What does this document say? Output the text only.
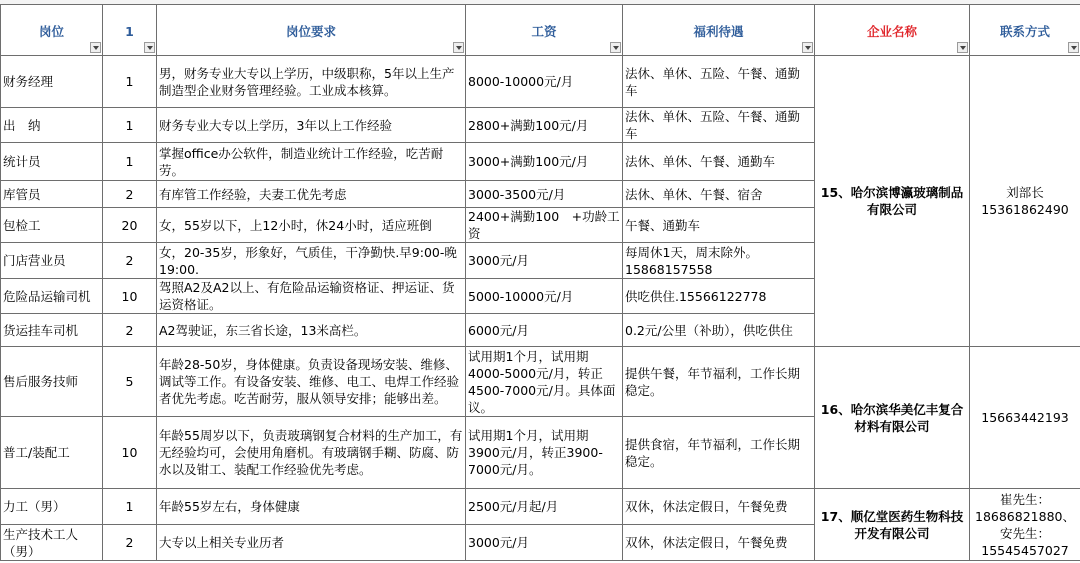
岗位	1	岗位要求	工资	福利待遇	企业名称	联系方式

财务经理	1	男，财务专业大专以上学历，中级职称，5年以上生产制造型企业财务管理经验。工业成本核算。	8000-10000元/月	法休、单休、五险、午餐、通勤车	15、哈尔滨博瀛玻璃制品有限公司	刘部长15361862490
出　纳	1	财务专业大专以上学历，3年以上工作经验	2800+满勤100元/月	法休、单休、五险、午餐、通勤车		
统计员	1	掌握office办公软件，制造业统计工作经验，吃苦耐劳。	3000+满勤100元/月	法休、单休、午餐、通勤车		
库管员	2	有库管工作经验，夫妻工优先考虑	3000-3500元/月	法休、单休、午餐、宿舍		
包检工	20	女，55岁以下，上12小时，休24小时，适应班倒	2400+满勤100　+功龄工资	午餐、通勤车		
门店营业员	2	女，20-35岁，形象好，气质佳，干净勤快.早9:00-晚19:00.	3000元/月	每周休1天，周末除外。15868157558		
危险品运输司机	10	驾照A2及A2以上、有危险品运输资格证、押运证、货运资格证。	5000-10000元/月	供吃供住.15566122778		
货运挂车司机	2	A2驾驶证，东三省长途，13米高栏。	6000元/月	0.2元/公里（补助），供吃供住		
售后服务技师	5	年龄28-50岁，身体健康。负责设备现场安装、维修、调试等工作。有设备安装、维修、电工、电焊工作经验者优先考虑。吃苦耐劳，服从领导安排；能够出差。	试用期1个月，试用期4000-5000元/月，转正4500-7000元/月。具体面议。	提供午餐，年节福利，工作长期稳定。	16、哈尔滨华美亿丰复合材料有限公司	15663442193
普工/装配工	10	年龄55周岁以下，负责玻璃钢复合材料的生产加工，有无经验均可，会使用角磨机。有玻璃钢手糊、防腐、防水以及钳工、装配工作经验优先考虑。	试用期1个月，试用期3900元/月，转正3900-7000元/月。	提供食宿，年节福利，工作长期稳定。		
力工（男）	1	年龄55岁左右，身体健康	2500元/月起/月	双休，休法定假日，午餐免费	17、顺亿堂医药生物科技开发有限公司	崔先生：18686821880、安先生：15545457027
生产技术工人（男）	2	大专以上相关专业历者	3000元/月	双休，休法定假日，午餐免费		
